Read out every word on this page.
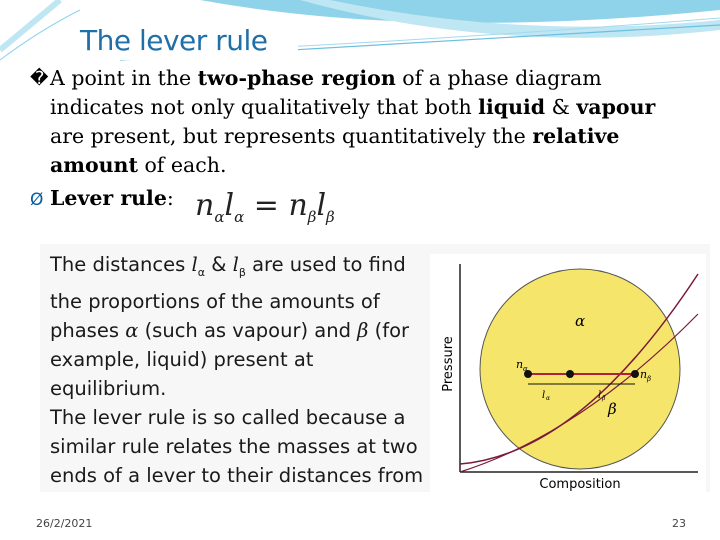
The lever rule
� A point in the two-phase region of a phase diagram indicates not only qualitatively that both liquid & vapour are present, but represents quantitatively the relative amount of each.
Ø Lever rule: $n_\alpha l_\alpha = n_\beta l_\beta$
The distances $l_\alpha$ & $l_\beta$ are used to find
the proportions of the amounts of
phases α (such as vapour) and β (for
example, liquid) present at
equilibrium.
The lever rule is so called because a
similar rule relates the masses at two
ends of a lever to their distances from
Pressure
Composition
α
β
n α	n β
l α	l β
26/2/2021	23
